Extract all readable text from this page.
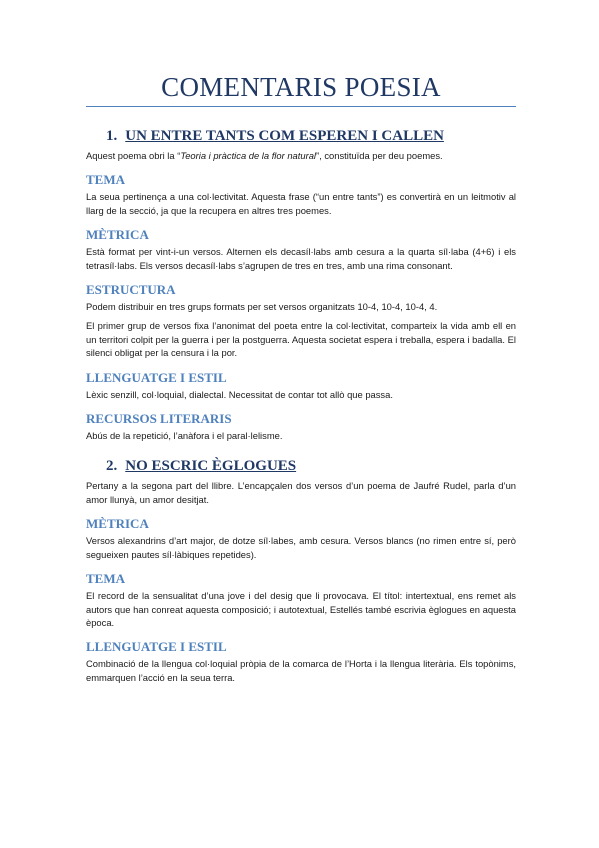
COMENTARIS POESIA
1. UN ENTRE TANTS COM ESPEREN I CALLEN

Aquest poema obri la “Teoria i pràctica de la flor natural”, constituïda per deu poemes.

TEMA

La seua pertinença a una col·lectivitat. Aquesta frase (“un entre tants”) es convertirà en un leitmotiv al llarg de la secció, ja que la recupera en altres tres poemes.

MÈTRICA

Està format per vint-i-un versos. Alternen els decasíl·labs amb cesura a la quarta síl·laba (4+6) i els tetrasíl·labs. Els versos decasíl·labs s’agrupen de tres en tres, amb una rima consonant.

ESTRUCTURA

Podem distribuir en tres grups formats per set versos organitzats 10-4, 10-4, 10-4, 4.

El primer grup de versos fixa l’anonimat del poeta entre la col·lectivitat, comparteix la vida amb ell en un territori colpit per la guerra i per la postguerra. Aquesta societat espera i treballa, espera i badalla. El silenci obligat per la censura i la por.

LLENGUATGE I ESTIL

Lèxic senzill, col·loquial, dialectal. Necessitat de contar tot allò que passa.

RECURSOS LITERARIS

Abús de la repetició, l’anàfora i el paral·lelisme.

2. NO ESCRIC ÈGLOGUES

Pertany a la segona part del llibre. L’encapçalen dos versos d’un poema de Jaufré Rudel, parla d’un amor llunyà, un amor desitjat.

MÈTRICA

Versos alexandrins d’art major, de dotze síl·labes, amb cesura. Versos blancs (no rimen entre sí, però segueixen pautes síl·làbiques repetides).

TEMA

El record de la sensualitat d’una jove i del desig que li provocava. El títol: intertextual, ens remet als autors que han conreat aquesta composició; i autotextual, Estellés també escrivia èglogues en aquesta època.

LLENGUATGE I ESTIL

Combinació de la llengua col·loquial pròpia de la comarca de l’Horta i la llengua literària. Els topònims, emmarquen l’acció en la seua terra.
